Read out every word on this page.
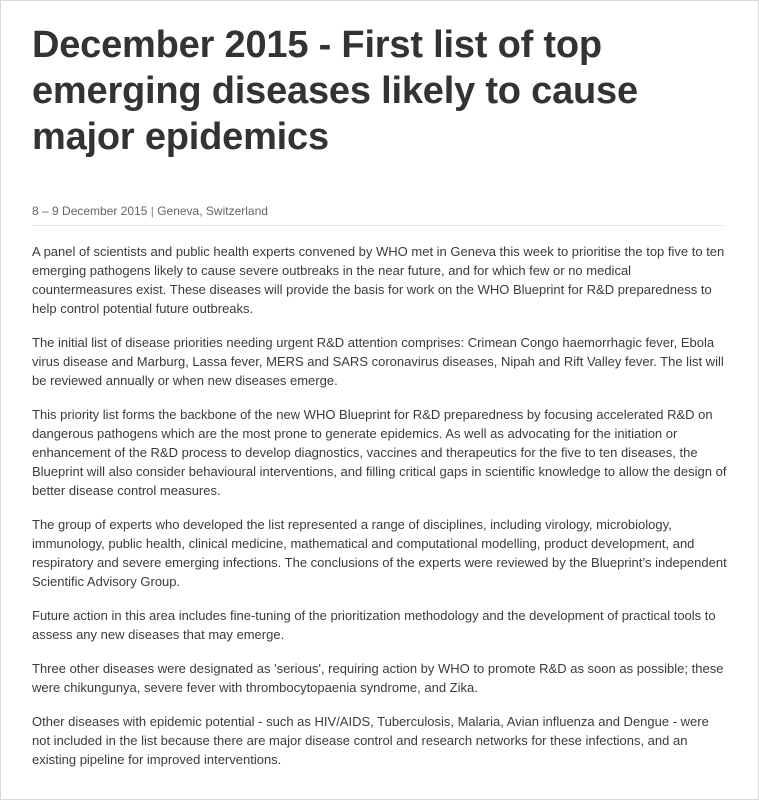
December 2015 - First list of top emerging diseases likely to cause major epidemics
8 – 9 December 2015 | Geneva, Switzerland

A panel of scientists and public health experts convened by WHO met in Geneva this week to prioritise the top five to ten emerging pathogens likely to cause severe outbreaks in the near future, and for which few or no medical countermeasures exist. These diseases will provide the basis for work on the WHO Blueprint for R&D preparedness to help control potential future outbreaks.

The initial list of disease priorities needing urgent R&D attention comprises: Crimean Congo haemorrhagic fever, Ebola virus disease and Marburg, Lassa fever, MERS and SARS coronavirus diseases, Nipah and Rift Valley fever. The list will be reviewed annually or when new diseases emerge.

This priority list forms the backbone of the new WHO Blueprint for R&D preparedness by focusing accelerated R&D on dangerous pathogens which are the most prone to generate epidemics. As well as advocating for the initiation or enhancement of the R&D process to develop diagnostics, vaccines and therapeutics for the five to ten diseases, the Blueprint will also consider behavioural interventions, and filling critical gaps in scientific knowledge to allow the design of better disease control measures.

The group of experts who developed the list represented a range of disciplines, including virology, microbiology, immunology, public health, clinical medicine, mathematical and computational modelling, product development, and respiratory and severe emerging infections. The conclusions of the experts were reviewed by the Blueprint’s independent Scientific Advisory Group.

Future action in this area includes fine-tuning of the prioritization methodology and the development of practical tools to assess any new diseases that may emerge.

Three other diseases were designated as 'serious', requiring action by WHO to promote R&D as soon as possible; these were chikungunya, severe fever with thrombocytopaenia syndrome, and Zika.

Other diseases with epidemic potential - such as HIV/AIDS, Tuberculosis, Malaria, Avian influenza and Dengue - were not included in the list because there are major disease control and research networks for these infections, and an existing pipeline for improved interventions.
